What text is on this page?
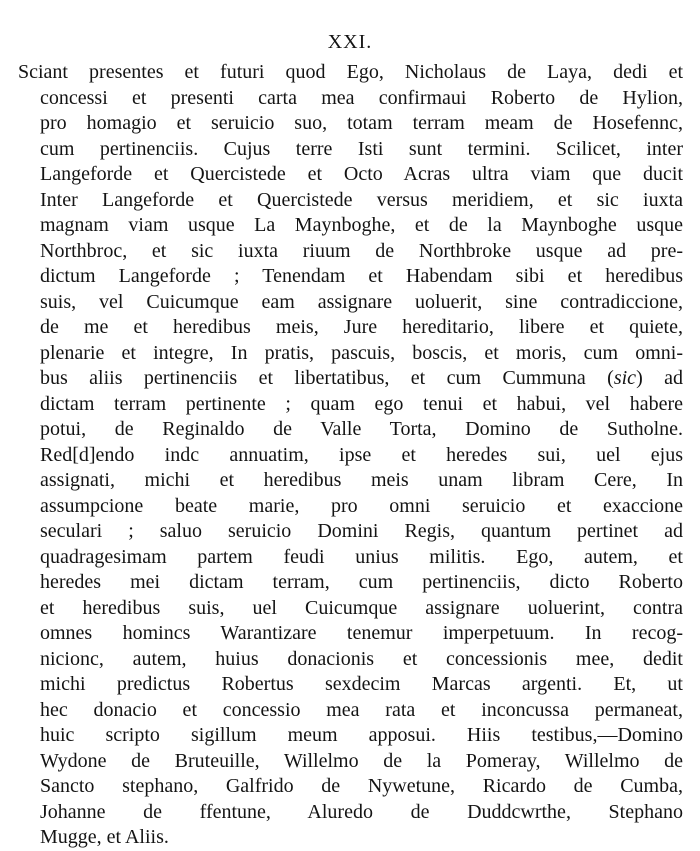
XXI.
Sciant presentes et futuri quod Ego, Nicholaus de Laya, dedi et
concessi et presenti carta mea confirmaui Roberto de Hylion,
pro homagio et seruicio suo, totam terram meam de Hosefennc,
cum pertinenciis. Cujus terre Isti sunt termini. Scilicet, inter
Langeforde et Quercistede et Octo Acras ultra viam que ducit
Inter Langeforde et Quercistede versus meridiem, et sic iuxta
magnam viam usque La Maynboghe, et de la Maynboghe usque
Northbroc, et sic iuxta riuum de Northbroke usque ad pre-
dictum Langeforde ; Tenendam et Habendam sibi et heredibus
suis, vel Cuicumque eam assignare uoluerit, sine contradiccione,
de me et heredibus meis, Jure hereditario, libere et quiete,
plenarie et integre, In pratis, pascuis, boscis, et moris, cum omni-
bus aliis pertinenciis et libertatibus, et cum Cummuna (sic) ad
dictam terram pertinente ; quam ego tenui et habui, vel habere
potui, de Reginaldo de Valle Torta, Domino de Sutholne.
Red[d]endo indc annuatim, ipse et heredes sui, uel ejus
assignati, michi et heredibus meis unam libram Cere, In
assumpcione beate marie, pro omni seruicio et exaccione
seculari ; saluo seruicio Domini Regis, quantum pertinet ad
quadragesimam partem feudi unius militis. Ego, autem, et
heredes mei dictam terram, cum pertinenciis, dicto Roberto
et heredibus suis, uel Cuicumque assignare uoluerint, contra
omnes homincs Warantizare tenemur imperpetuum. In recog-
nicionc, autem, huius donacionis et concessionis mee, dedit
michi predictus Robertus sexdecim Marcas argenti. Et, ut
hec donacio et concessio mea rata et inconcussa permaneat,
huic scripto sigillum meum apposui. Hiis testibus,—Domino
Wydone de Bruteuille, Willelmo de la Pomeray, Willelmo de
Sancto stephano, Galfrido de Nywetune, Ricardo de Cumba,
Johanne de ffentune, Aluredo de Duddcwrthe, Stephano
Mugge, et Aliis.
